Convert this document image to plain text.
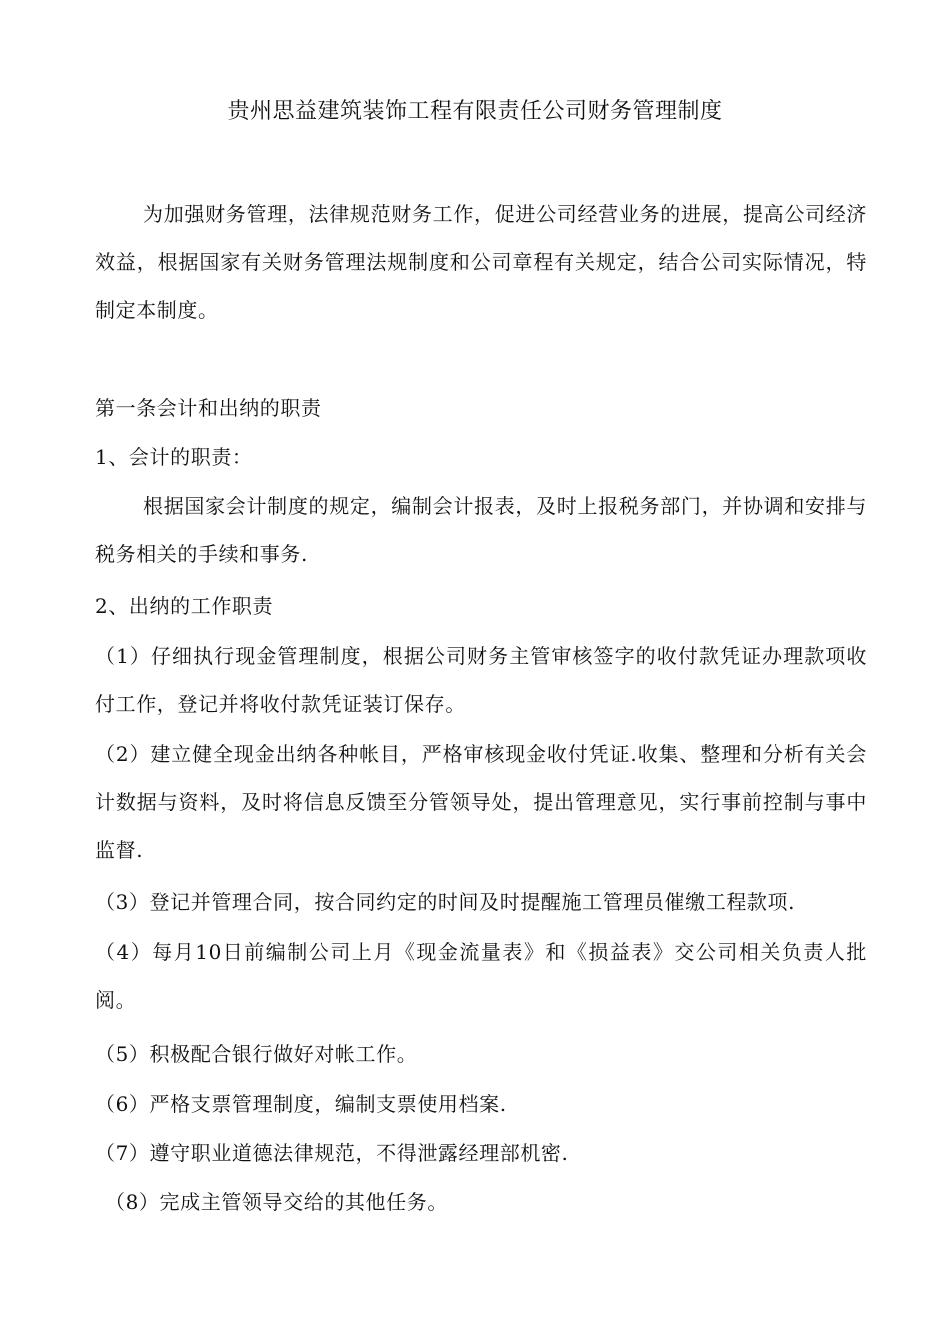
贵州思益建筑装饰工程有限责任公司财务管理制度

为加强财务管理，法律规范财务工作，促进公司经营业务的进展，提高公司经济效益，根据国家有关财务管理法规制度和公司章程有关规定，结合公司实际情况，特制定本制度。

第一条会计和出纳的职责
1、会计的职责：

根据国家会计制度的规定，编制会计报表，及时上报税务部门，并协调和安排与税务相关的手续和事务.

2、出纳的工作职责

（1）仔细执行现金管理制度，根据公司财务主管审核签字的收付款凭证办理款项收付工作，登记并将收付款凭证装订保存。

（2）建立健全现金出纳各种帐目，严格审核现金收付凭证.收集、整理和分析有关会计数据与资料，及时将信息反馈至分管领导处，提出管理意见，实行事前控制与事中监督.

（3）登记并管理合同，按合同约定的时间及时提醒施工管理员催缴工程款项.

（4）每月10日前编制公司上月《现金流量表》和《损益表》交公司相关负责人批阅。

（5）积极配合银行做好对帐工作。
（6）严格支票管理制度，编制支票使用档案.
（7）遵守职业道德法律规范，不得泄露经理部机密.
（8）完成主管领导交给的其他任务。
